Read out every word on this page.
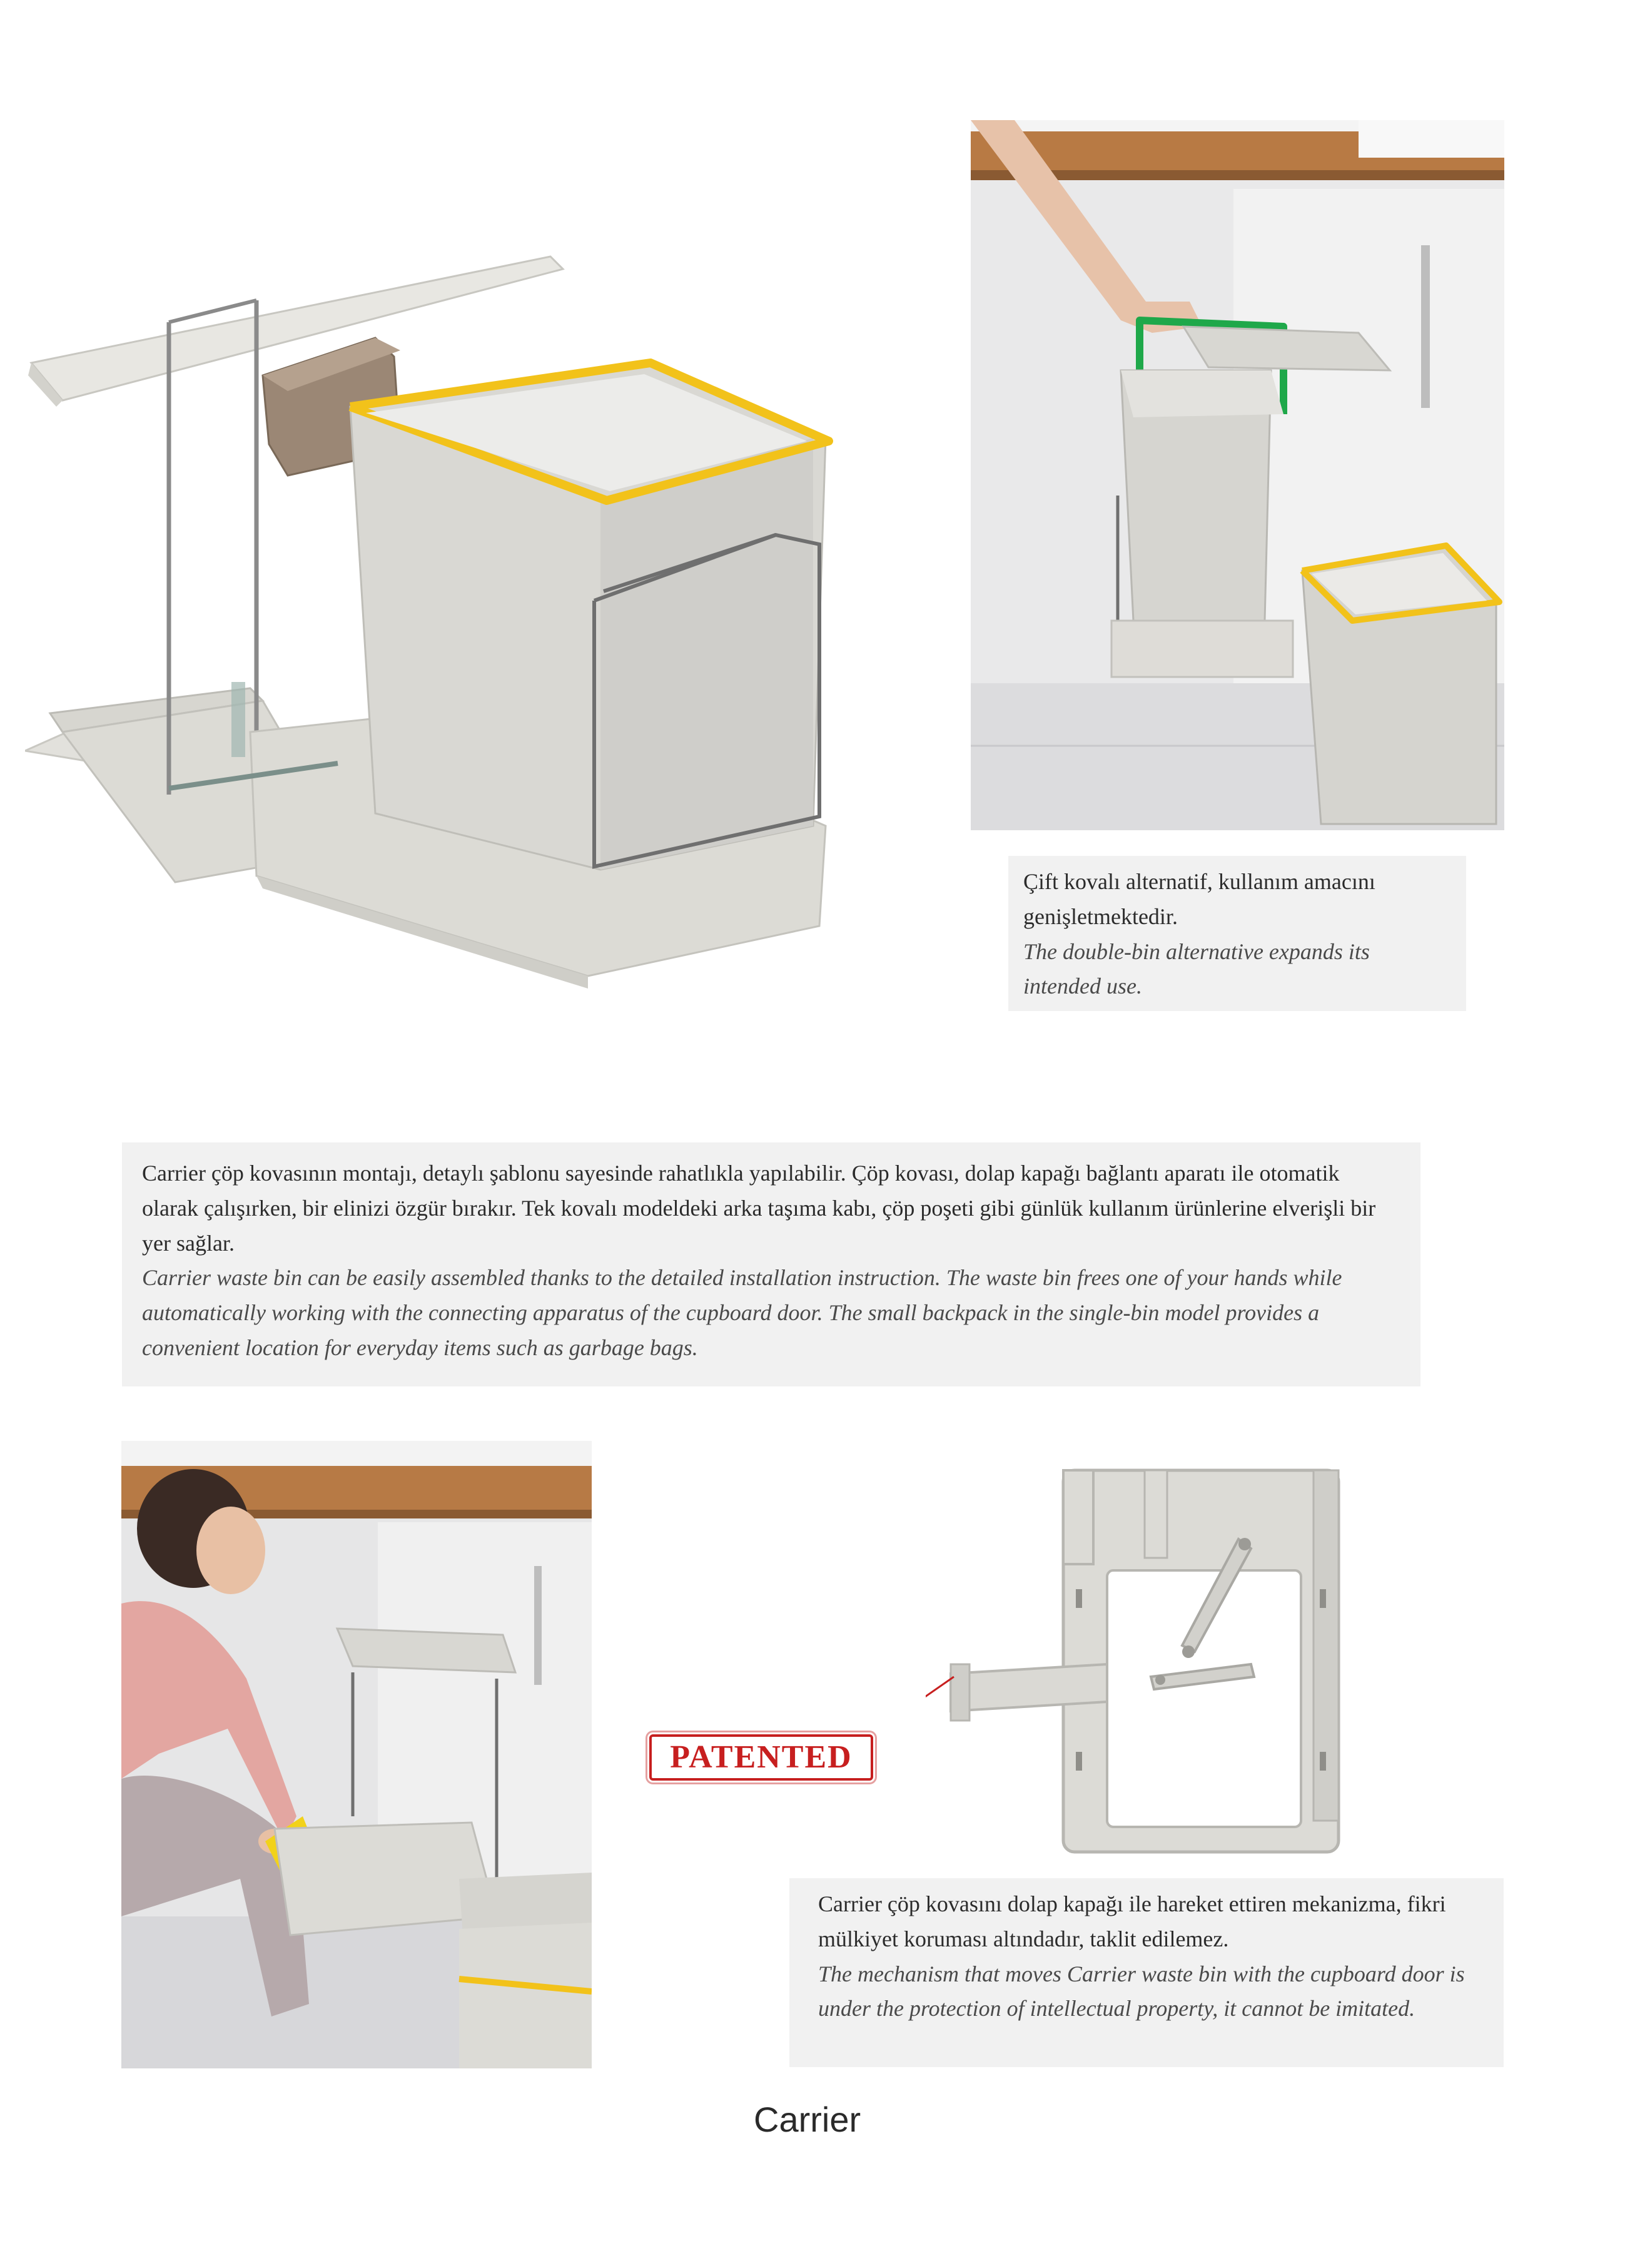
Çift kovalı alternatif, kullanım amacını genişletmektedir.
The double-bin alternative expands its intended use.
Carrier çöp kovasının montajı, detaylı şablonu sayesinde rahatlıkla yapılabilir. Çöp kovası, dolap kapağı bağlantı aparatı ile otomatik olarak çalışırken, bir elinizi özgür bırakır. Tek kovalı modeldeki arka taşıma kabı, çöp poşeti gibi günlük kullanım ürünlerine elverişli bir yer sağlar.
Carrier waste bin can be easily assembled thanks to the detailed installation instruction. The waste bin frees one of your hands while automatically working with the connecting apparatus of the cupboard door. The small backpack in the single-bin model provides a convenient location for everyday items such as garbage bags.
PATENTED
Carrier çöp kovasını dolap kapağı ile hareket ettiren mekanizma, fikri mülkiyet koruması altındadır, taklit edilemez.
The mechanism that moves Carrier waste bin with the cupboard door is under the protection of intellectual property, it cannot be imitated.
Carrier
